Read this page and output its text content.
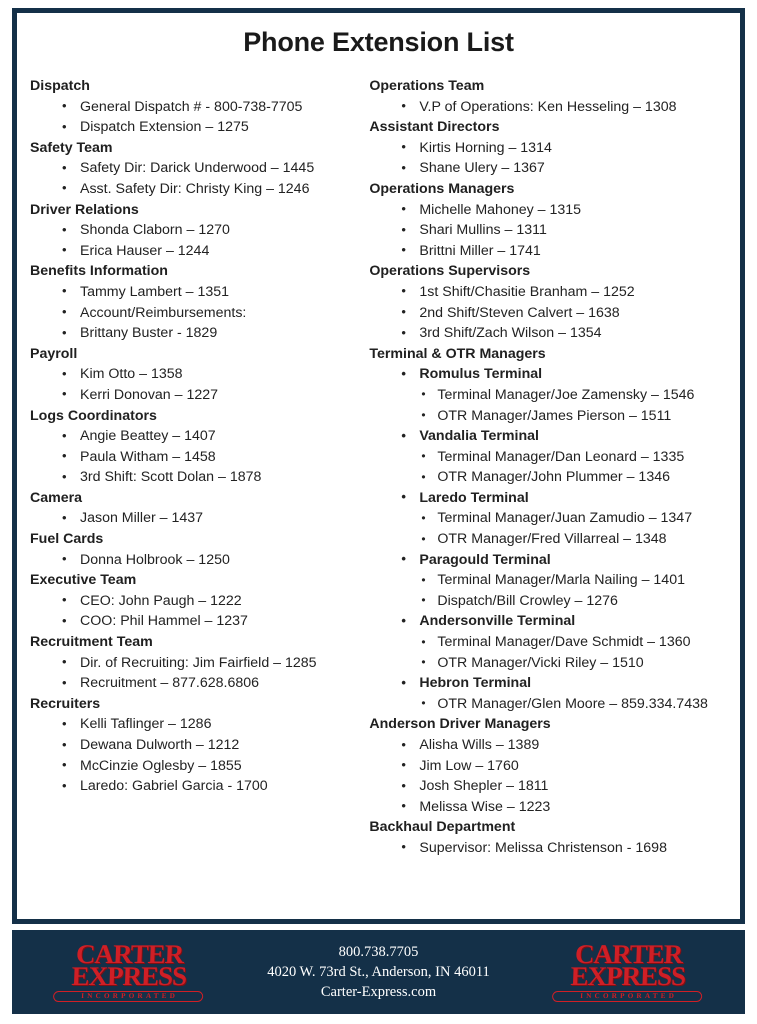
Phone Extension List
Dispatch
• General Dispatch # - 800-738-7705
• Dispatch Extension – 1275
Safety Team
• Safety Dir: Darick Underwood – 1445
• Asst. Safety Dir: Christy King – 1246
Driver Relations
• Shonda Claborn – 1270
• Erica Hauser – 1244
Benefits Information
• Tammy Lambert – 1351
• Account/Reimbursements:
• Brittany Buster - 1829
Payroll
• Kim Otto – 1358
• Kerri Donovan – 1227
Logs Coordinators
• Angie Beattey – 1407
• Paula Witham – 1458
• 3rd Shift: Scott Dolan – 1878
Camera
• Jason Miller – 1437
Fuel Cards
• Donna Holbrook – 1250
Executive Team
• CEO: John Paugh – 1222
• COO: Phil Hammel – 1237
Recruitment Team
• Dir. of Recruiting: Jim Fairfield – 1285
• Recruitment – 877.628.6806
Recruiters
• Kelli Taflinger – 1286
• Dewana Dulworth – 1212
• McCinzie Oglesby – 1855
• Laredo: Gabriel Garcia - 1700
Operations Team
• V.P of Operations: Ken Hesseling – 1308
Assistant Directors
• Kirtis Horning – 1314
• Shane Ulery – 1367
Operations Managers
• Michelle Mahoney – 1315
• Shari Mullins – 1311
• Brittni Miller – 1741
Operations Supervisors
• 1st Shift/Chasitie Branham – 1252
• 2nd Shift/Steven Calvert – 1638
• 3rd Shift/Zach Wilson – 1354
Terminal & OTR Managers
• Romulus Terminal
• Terminal Manager/Joe Zamensky – 1546
• OTR Manager/James Pierson – 1511
• Vandalia Terminal
• Terminal Manager/Dan Leonard – 1335
• OTR Manager/John Plummer – 1346
• Laredo Terminal
• Terminal Manager/Juan Zamudio – 1347
• OTR Manager/Fred Villarreal – 1348
• Paragould Terminal
• Terminal Manager/Marla Nailing – 1401
• Dispatch/Bill Crowley – 1276
• Andersonville Terminal
• Terminal Manager/Dave Schmidt – 1360
• OTR Manager/Vicki Riley – 1510
• Hebron Terminal
• OTR Manager/Glen Moore – 859.334.7438
Anderson Driver Managers
• Alisha Wills – 1389
• Jim Low – 1760
• Josh Shepler – 1811
• Melissa Wise – 1223
Backhaul Department
• Supervisor: Melissa Christenson - 1698
CARTER
EXPRESS
INCORPORATED
800.738.7705
4020 W. 73rd St., Anderson, IN 46011
Carter-Express.com
CARTER
EXPRESS
INCORPORATED
